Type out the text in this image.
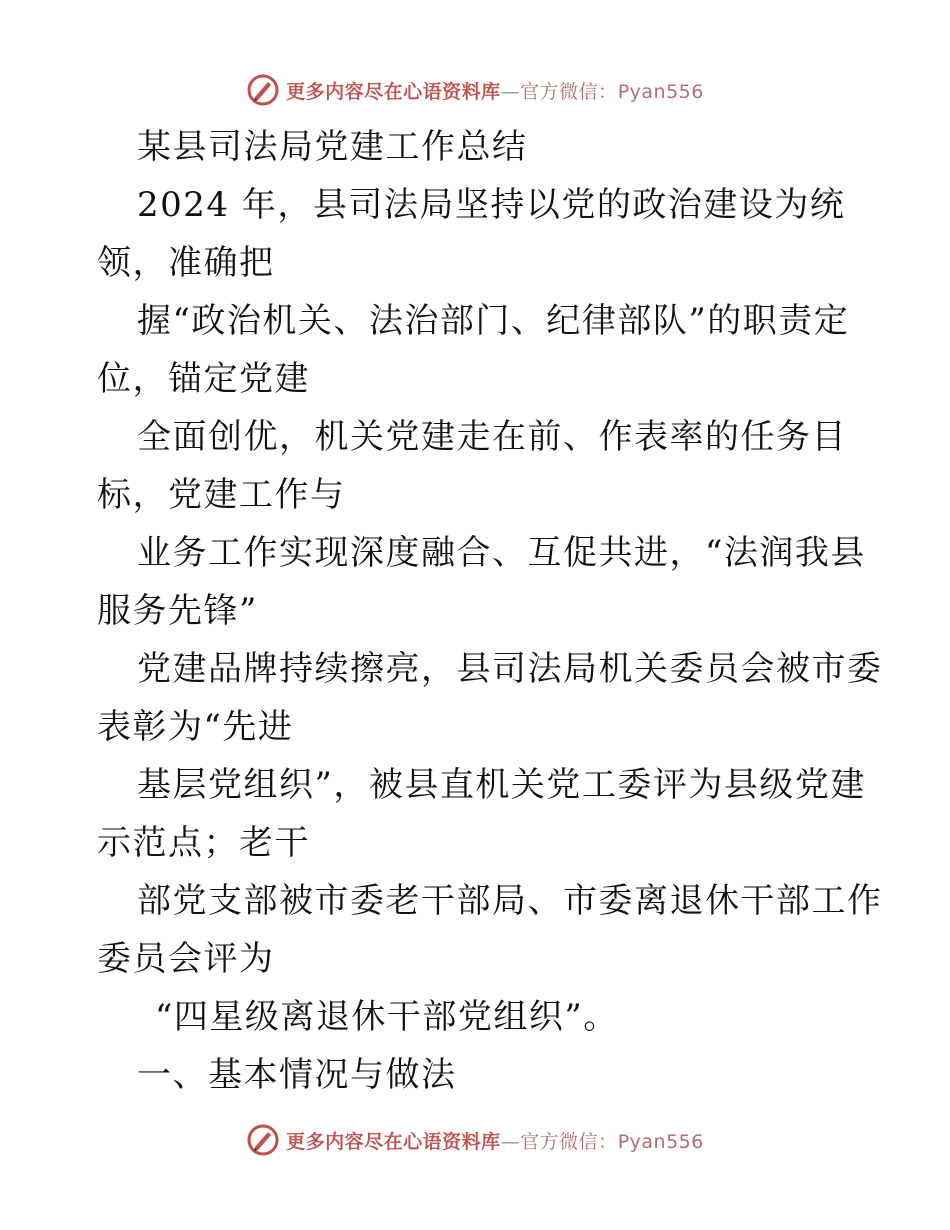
更多内容尽在心语资料库—官方微信：Pyan556
某县司法局党建工作总结
2024 年，县司法局坚持以党的政治建设为统
领，准确把
握“政治机关、法治部门、纪律部队”的职责定
位，锚定党建
全面创优，机关党建走在前、作表率的任务目
标，党建工作与
业务工作实现深度融合、互促共进，“法润我县
服务先锋”
党建品牌持续擦亮，县司法局机关委员会被市委
表彰为“先进
基层党组织”，被县直机关党工委评为县级党建
示范点；老干
部党支部被市委老干部局、市委离退休干部工作
委员会评为
“四星级离退休干部党组织”。
一、基本情况与做法
更多内容尽在心语资料库—官方微信：Pyan556
